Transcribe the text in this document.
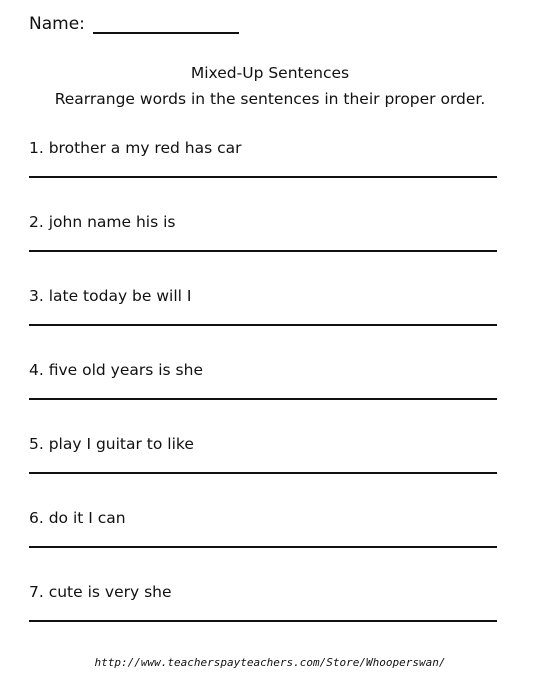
Name:
Mixed-Up Sentences
Rearrange words in the sentences in their proper order.
1. brother a my red has car
2. john name his is
3. late today be will I
4. five old years is she
5. play I guitar to like
6. do it I can
7. cute is very she
http://www.teacherspayteachers.com/Store/Whooperswan/
